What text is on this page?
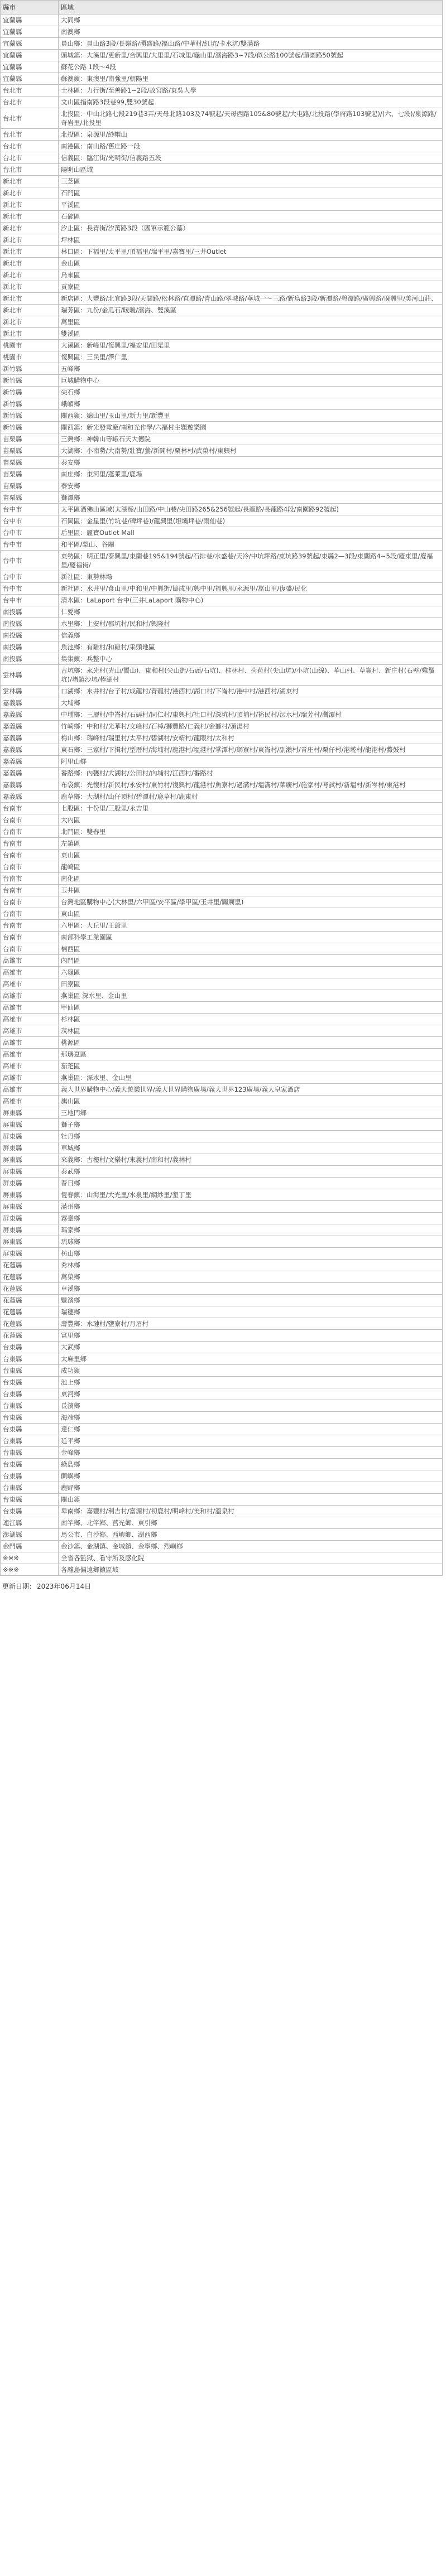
縣市	區域
宜蘭縣	大同鄉
宜蘭縣	南澳鄉
宜蘭縣	員山鄉：員山路3段/長嶺路/湧盛路/福山路/中華村/紅坑/卡水坑/雙滿路
宜蘭縣	頭城鎮：大溪里/更新里/合興里/大里里/石城里/龜山里/濱海路3~7段/似公路100號起/頭圍路50號起
宜蘭縣	蘇花公路 1段～4段
宜蘭縣	蘇澳鎮：東澳里/南強里/朝陽里
台北市	士林區：力行街/至善路1~2段/故宮路/東吳大學
台北市	文山區指南路3段巷99,雙30號起
台北市	北投區：中山北路七段219巷3弄/天母北路103及74號起/天母西路105&80號起/大屯路/北投路(學府路103號起)/(六、七段)/泉源路/奇岩里/北投里
台北市	北投區：泉源里/紗帽山
台北市	南港區：南山路/舊庄路一段
台北市	信義區：臨江街/光明街/信義路五段
台北市	陽明山區域
新北市	三芝區
新北市	石門區
新北市	平溪區
新北市	石碇區
新北市	汐止區：長青街/汐萬路3段（國軍示範公墓）
新北市	坪林區
新北市	林口區：下福里/太平里/頂福里/瑞平里/嘉寶里/三井Outlet
新北市	金山區
新北市	烏來區
新北市	貢寮區
新北市	新店區：大豐路/北宜路3段/天闆路/松林路/直潭路/青山路/翠城路/華城一～三路/新烏路3段/新潭路/碧潭路/廣興路/廣興里/美河山莊、
新北市	瑞芳區：九份/金瓜石/暖暖/濱海、雙溪區
新北市	萬里區
新北市	雙溪區
桃園市	大溪區：新峰里/復興里/福安里/田渠里
桃園市	復興區：三民里/澤仁里
新竹縣	五峰鄉
新竹縣	巨城購物中心
新竹縣	尖石鄉
新竹縣	峨嵋鄉
新竹縣	關西鎮：錦山里/玉山里/新力里/新豐里
新竹縣	關西鎮：新光發電廠/南和光作學/六福村主題遊樂園
苗栗縣	三灣鄉：神韓山等峨石天大德院
苗栗縣	大湖鄉：小南勢/大南勢/壯寶/鶯/新開村/栗林村/武榮村/東興村
苗栗縣	泰安鄉
苗栗縣	南庄鄉：東河里/蓬萊里/鹿場
苗栗縣	泰安鄉
苗栗縣	獅潭鄉
台中市	太平區酒佛山區域(太湖極/山田路/中山巷/尖田路265&256號起/長龍路/長龍路4段/南園路92號起)
台中市	石岡區：金星里(竹坑巷/碑坪巷)/龍興里(坦壩坪巷/雨仙巷)
台中市	后里區：麗寶Outlet Mall
台中市	和平區/梨山、谷關
台中市	東勢區：明正里/泰興里/東蘭巷195&194號起/石排巷/水盛巷/天冷/中坑坪路/東坑路39號起/東縣2—3段/東關路4~5段/慶東里/慶福里/慶福街/
台中市	新社區：東勢林場
台中市	新社區：水井里/食山里/中和里/中興街/協成里/興中里/福興里/永源里/崑山里/復盛/民化
台中市	清水區：LaLaport 台中(三井LaLaport 購物中心)
南投縣	仁愛鄉
南投縣	水里鄉：上安村/郡坑村/民和村/興隆村
南投縣	信義鄉
南投縣	魚池鄉：有雞村/和雞村/采頭地區
南投縣	集集鎮：兵整中心
雲林縣	古坑鄉：永光村(光山/鬻山)、東和村(尖山街/石頭/石坑)、桂林村、荷苞村(尖山坑)/小坑(山線)、華山村、草嶺村、新庄村(石壁/雞鬚坑)/堵鎮沙坑/棒湖村
雲林縣	口湖鄉：水井村/台子村/成龍村/青龍村/港西村/湖口村/下崙村/港中村/港西村/湖東村
嘉義縣	大埔鄉
嘉義縣	中埔鄉：三層村/中崙村/石硦村/同仁村/東興村/社口村/深坑村/頂埔村/裕民村/沄水村/瑞芳村/灣潭村
嘉義縣	竹崎鄉：中和村/光華村/文峰村/石棹/獅豐路/仁義村/金獅村/頭湯村
嘉義縣	梅山鄉：瑞峰村/瑞里村/太平村/碧湖村/安靖村/龍眼村/太和村
嘉義縣	東石鄉：三家村/下揖村/型厝村/海埔村/龍港村/塭港村/掌潭村/網寮村/東崙村/副瀨村/青庄村/栗仔村/港墘村/龍港村/鰲鼓村
嘉義縣	阿里山鄉
嘉義縣	番路鄉：內甕村/大湖村/公田村/內埔村/江西村/番路村
嘉義縣	布袋鎮：光復村/新民村/永安村/東竹村/復興村/龍港村/魚寮村/過溝村/塭溝村/菜廣村/施家村/考試村/新塭村/新岑村/東港村
嘉義縣	鹿草鄉：大湖村/山仔頂村/碧潭村/鹿草村/鹿東村
台南市	七股區：十份里/三股里/永吉里
台南市	大內區
台南市	北門區：雙春里
台南市	左鎮區
台南市	東山區
台南市	龍崎區
台南市	南化區
台南市	玉井區
台南市	台灣地區購物中心(大林里/六甲區/安平區/學甲區/玉井里/關廟里)
台南市	東山區
台南市	六甲區：大丘里/王爺里
台南市	南部科學工業園區
台南市	楠西區
高雄市	內門區
高雄市	六龜區
高雄市	田寮區
高雄市	燕巢區 深水里、金山里
高雄市	甲仙區
高雄市	杉林區
高雄市	茂林區
高雄市	桃源區
高雄市	那瑪夏區
高雄市	茄萣區
高雄市	燕巢區：深水里、金山里
高雄市	義大世界購物中心/義大遊樂世界/義大世界購物廣場/義大世界123廣場/義大皇家酒店
高雄市	旗山區
屏東縣	三地門鄉
屏東縣	獅子鄉
屏東縣	牡丹鄉
屏東縣	車城鄉
屏東縣	來義鄉：古樓村/文樂村/來義村/南和村/義林村
屏東縣	泰武鄉
屏東縣	春日鄉
屏東縣	恆春鎮：山海里/大光里/水泉里/網紗里/墾丁里
屏東縣	滿州鄉
屏東縣	霧臺鄉
屏東縣	瑪家鄉
屏東縣	琉球鄉
屏東縣	枋山鄉
花蓮縣	秀林鄉
花蓮縣	萬榮鄉
花蓮縣	卓溪鄉
花蓮縣	豐濱鄉
花蓮縣	瑞穗鄉
花蓮縣	壽豐鄉：水璉村/鹽寮村/月眉村
花蓮縣	富里鄉
台東縣	大武鄉
台東縣	太麻里鄉
台東縣	成功鎮
台東縣	池上鄉
台東縣	東河鄉
台東縣	長濱鄉
台東縣	海端鄉
台東縣	達仁鄉
台東縣	延平鄉
台東縣	金峰鄉
台東縣	綠島鄉
台東縣	蘭嶼鄉
台東縣	鹿野鄉
台東縣	關山鎮
台東縣	卑南鄉：嘉豐村/利吉村/富源村/初鹿村/明峰村/美和村/溫泉村
連江縣	南竿鄉、北竿鄉、莒光鄉、東引鄉
澎湖縣	馬公市、白沙鄉、西嶼鄉、湖西鄉
金門縣	金沙鎮、金湖鎮、金城鎮、金寧鄉、烈嶼鄉
※※※	全省各監獄、看守所及感化院
※※※	各離島偏遠鄉鎮區域
更新日期： 2023年06月14日
